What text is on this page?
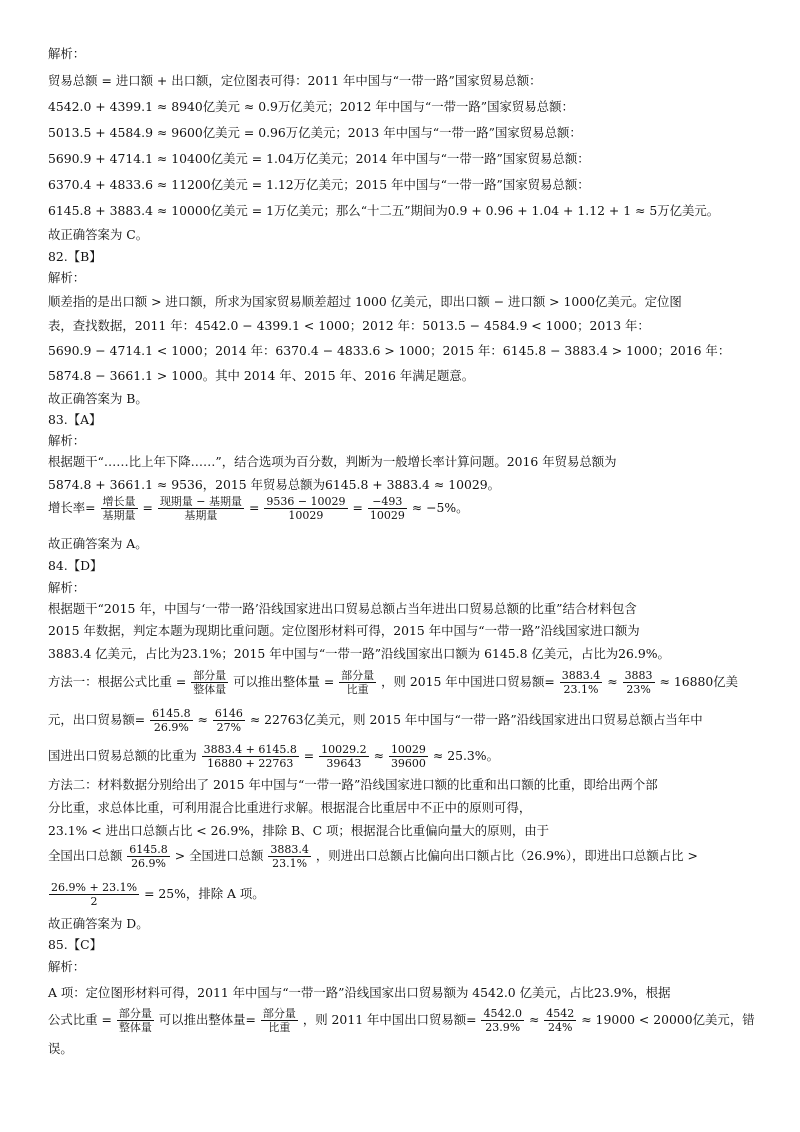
解析：
贸易总额 = 进口额 + 出口额，定位图表可得：2011 年中国与“一带一路”国家贸易总额：
4542.0 + 4399.1 ≈ 8940亿美元 ≈ 0.9万亿美元；2012 年中国与“一带一路”国家贸易总额：
5013.5 + 4584.9 ≈ 9600亿美元 = 0.96万亿美元；2013 年中国与“一带一路”国家贸易总额：
5690.9 + 4714.1 ≈ 10400亿美元 = 1.04万亿美元；2014 年中国与“一带一路”国家贸易总额：
6370.4 + 4833.6 ≈ 11200亿美元 = 1.12万亿美元；2015 年中国与“一带一路”国家贸易总额：
6145.8 + 3883.4 ≈ 10000亿美元 = 1万亿美元；那么“十二五”期间为0.9 + 0.96 + 1.04 + 1.12 + 1 ≈ 5万亿美元。
故正确答案为 C。
82.【B】
解析：
顺差指的是出口额 > 进口额，所求为国家贸易顺差超过 1000 亿美元，即出口额 − 进口额 > 1000亿美元。定位图
表，查找数据，2011 年：4542.0 − 4399.1 < 1000；2012 年：5013.5 − 4584.9 < 1000；2013 年：
5690.9 − 4714.1 < 1000；2014 年：6370.4 − 4833.6 > 1000；2015 年：6145.8 − 3883.4 > 1000；2016 年：
5874.8 − 3661.1 > 1000。其中 2014 年、2015 年、2016 年满足题意。
故正确答案为 B。
83.【A】
解析：
根据题干“……比上年下降……”，结合选项为百分数，判断为一般增长率计算问题。2016 年贸易总额为
5874.8 + 3661.1 ≈ 9536，2015 年贸易总额为6145.8 + 3883.4 ≈ 10029。
增长率= 增长量
基期量
= 现期量 − 基期量
基期量
= $\frac{9536 - 10029}{10029} = \frac{-493}{10029} \approx -5\%$。
故正确答案为 A。
84.【D】
解析：
根据题干“2015 年，中国与‘一带一路’沿线国家进出口贸易总额占当年进出口贸易总额的比重”结合材料包含
2015 年数据，判定本题为现期比重问题。定位图形材料可得，2015 年中国与“一带一路”沿线国家进口额为
3883.4 亿美元，占比为23.1%；2015 年中国与“一带一路”沿线国家出口额为 6145.8 亿美元，占比为26.9%。
方法一：根据公式比重 = 部分量
整体量
可以推出整体量 = 部分量
比重
，则 2015 年中国进口贸易额= $\frac{3883.4}{23.1\%} \approx \frac{3883}{23\%} \approx 16880$亿美
元，出口贸易额= $\frac{6145.8}{26.9\%} \approx \frac{6146}{27\%} \approx 22763$亿美元，则 2015 年中国与“一带一路”沿线国家进出口贸易总额占当年中
国进出口贸易总额的比重为 $\frac{3883.4 + 6145.8}{16880 + 22763} = \frac{10029.2}{39643} \approx \frac{10029}{39600} \approx 25.3\%$。
方法二：材料数据分别给出了 2015 年中国与“一带一路”沿线国家进口额的比重和出口额的比重，即给出两个部
分比重，求总体比重，可利用混合比重进行求解。根据混合比重居中不正中的原则可得，
23.1% < 进出口总额占比 < 26.9%，排除 B、C 项；根据混合比重偏向量大的原则，由于
全国出口总额 $\frac{6145.8}{26.9\%}$ > 全国进口总额 $\frac{3883.4}{23.1\%}$ ，则进出口总额占比偏向出口额占比（26.9%），即进出口总额占比 >
$\frac{26.9\% + 23.1\%}{2} = 25\%$，排除 A 项。
故正确答案为 D。
85.【C】
解析：
A 项：定位图形材料可得，2011 年中国与“一带一路”沿线国家出口贸易额为 4542.0 亿美元，占比23.9%，根据
公式比重 = 部分量
整体量
可以推出整体量= 部分量
比重
，则 2011 年中国出口贸易额= $\frac{4542.0}{23.9\%} \approx \frac{4542}{24\%} \approx 19000 < 20000$亿美元，错
误。
